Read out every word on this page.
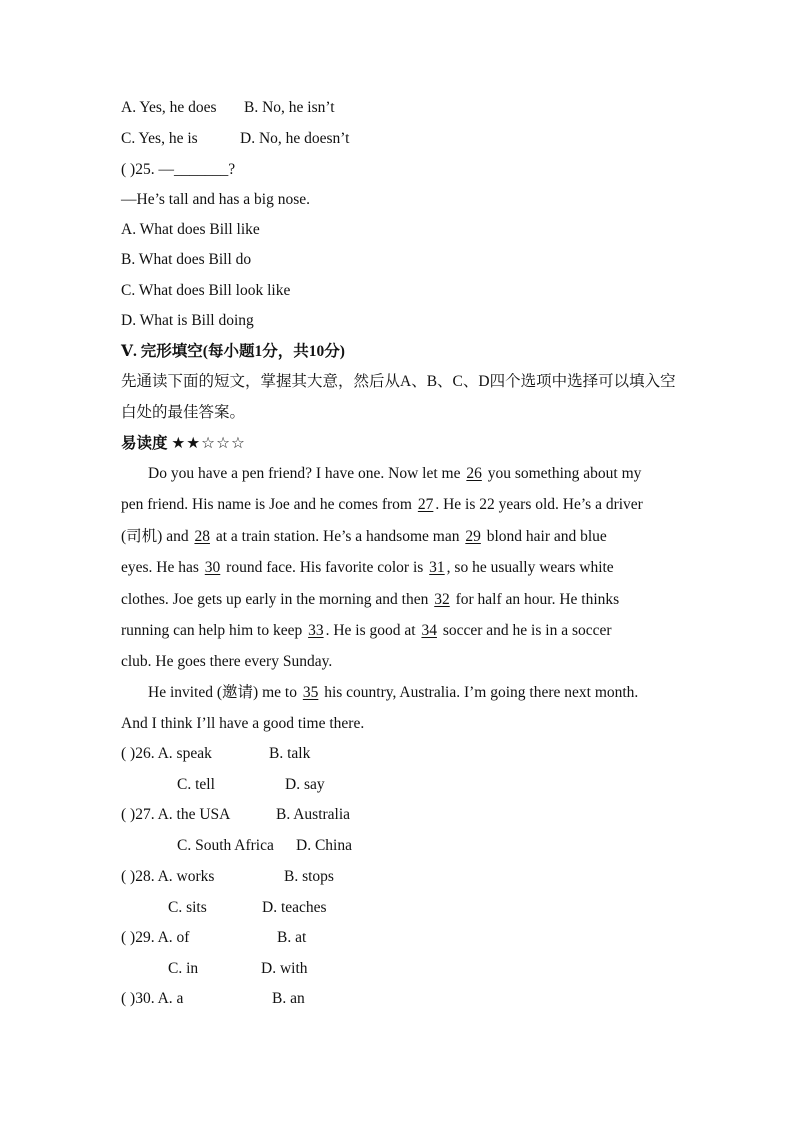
A. Yes, he does B. No, he isn’t
C. Yes, he is	D. No, he doesn’t
( )25. —_______?
—He’s tall and has a big nose.
A. What does Bill like
B. What does Bill do
C. What does Bill look like
D. What is Bill doing
Ⅴ. 完形填空(每小题1分，共10分)
先通读下面的短文，掌握其大意，然后从A、B、C、D四个选项中选择可以填入空
白处的最佳答案。
易读度 ★★☆☆☆
Do you have a pen friend? I have one. Now let me 26 you something about my
pen friend. His name is Joe and he comes from 27. He is 22 years old. He’s a driver
(司机) and 28 at a train station. He’s a handsome man 29 blond hair and blue
eyes. He has 30 round face. His favorite color is 31, so he usually wears white
clothes. Joe gets up early in the morning and then 32 for half an hour. He thinks
running can help him to keep 33. He is good at 34 soccer and he is in a soccer
club. He goes there every Sunday.
He invited (邀请) me to 35 his country, Australia. I’m going there next month.
And I think I’ll have a good time there.
( )26. A. speak	B. talk
C. tell	D. say
( )27. A. the USA	B. Australia
C. South Africa D. China
( )28. A. works	B. stops
C. sits	D. teaches
( )29. A. of	B. at
C. in	D. with
( )30. A. a	B. an
